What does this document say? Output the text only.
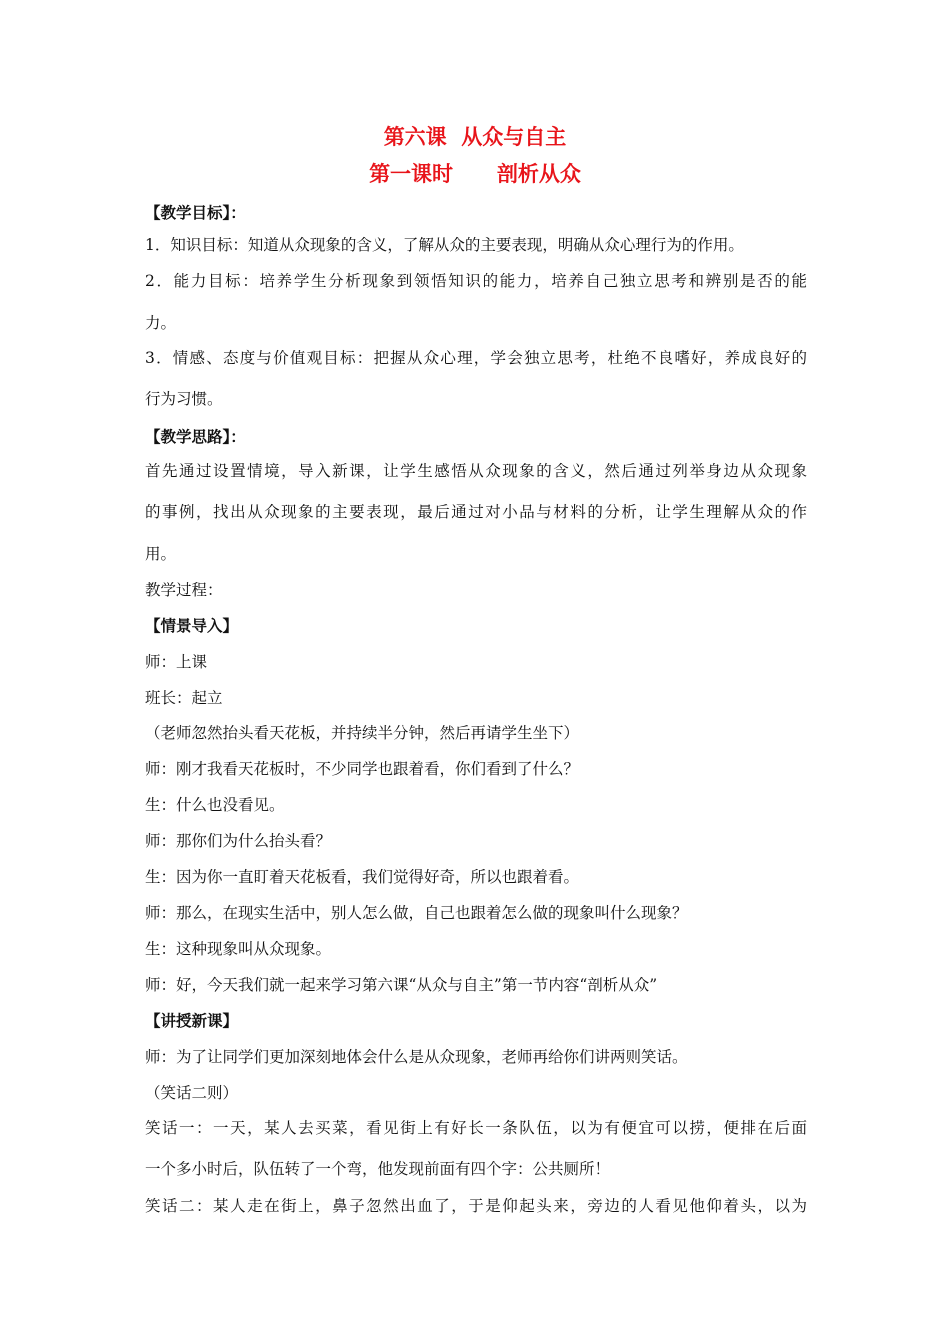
第六课  从众与自主
第一课时      剖析从众
【教学目标】：
1．知识目标：知道从众现象的含义，了解从众的主要表现，明确从众心理行为的作用。
2．能力目标：培养学生分析现象到领悟知识的能力，培养自己独立思考和辨别是否的能
力。
3．情感、态度与价值观目标：把握从众心理，学会独立思考，杜绝不良嗜好，养成良好的
行为习惯。
【教学思路】：
首先通过设置情境，导入新课，让学生感悟从众现象的含义，然后通过列举身边从众现象
的事例，找出从众现象的主要表现，最后通过对小品与材料的分析，让学生理解从众的作
用。
教学过程：
【情景导入】
师：上课
班长：起立
（老师忽然抬头看天花板，并持续半分钟，然后再请学生坐下）
师：刚才我看天花板时，不少同学也跟着看，你们看到了什么？
生：什么也没看见。
师：那你们为什么抬头看？
生：因为你一直盯着天花板看，我们觉得好奇，所以也跟着看。
师：那么，在现实生活中，别人怎么做，自己也跟着怎么做的现象叫什么现象？
生：这种现象叫从众现象。
师：好，今天我们就一起来学习第六课“从众与自主”第一节内容“剖析从众”
【讲授新课】
师：为了让同学们更加深刻地体会什么是从众现象，老师再给你们讲两则笑话。
（笑话二则）
笑话一：一天，某人去买菜，看见街上有好长一条队伍，以为有便宜可以捞，便排在后面
一个多小时后，队伍转了一个弯，他发现前面有四个字：公共厕所！
笑话二：某人走在街上，鼻子忽然出血了，于是仰起头来，旁边的人看见他仰着头，以为
